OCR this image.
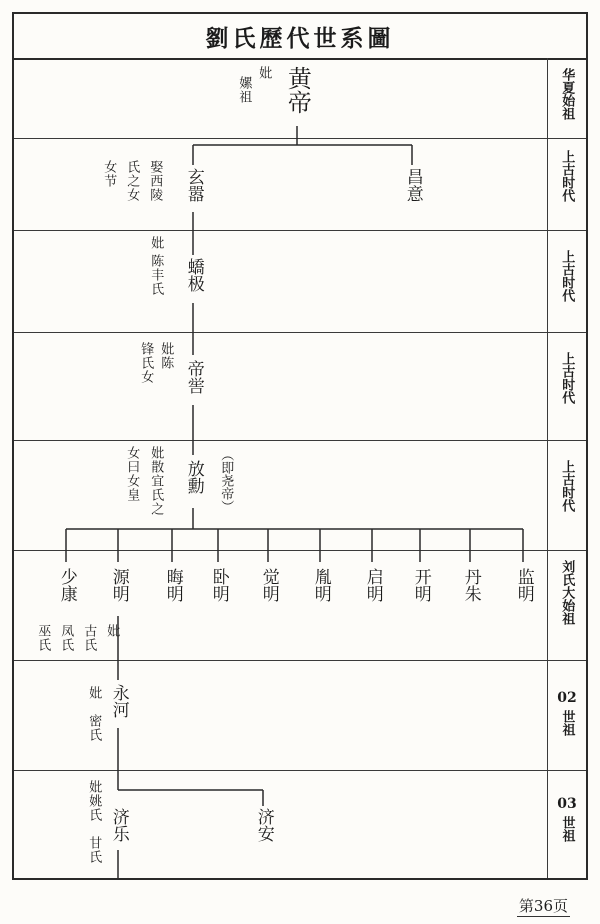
劉氏歷代世系圖
华夏始祖
上古时代
上古时代
上古时代
上古时代
刘氏大始祖
02
世祖
03
世祖
黄帝
妣
嫘祖
玄嚣	昌意
娶西陵
氏之女
女节
蟜极
妣
陈丰氏
帝喾
妣陈
锋氏女
放勳 （即尧帝）
妣散宜氏之
女曰女皇
少康 源明 晦明 卧明 觉明 胤明 启明 开明 丹朱 监明
妣
古氏
凤氏
巫氏
永河
妣
密氏
济乐	济安
妣姚氏
甘氏
第36页
